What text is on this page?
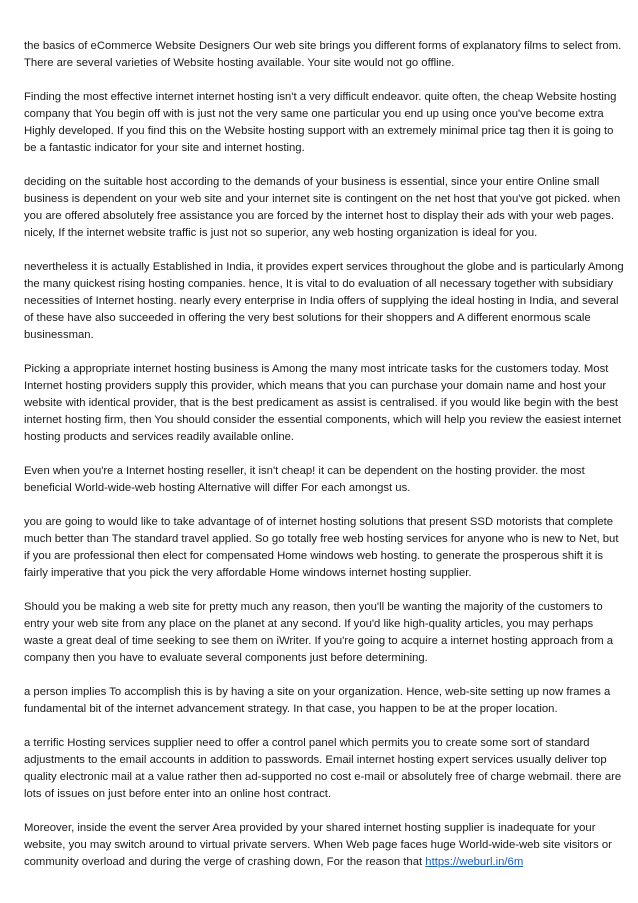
the basics of eCommerce Website Designers Our web site brings you different forms of explanatory films to select from. There are several varieties of Website hosting available. Your site would not go offline.

Finding the most effective internet internet hosting isn't a very difficult endeavor. quite often, the cheap Website hosting company that You begin off with is just not the very same one particular you end up using once you've become extra Highly developed. If you find this on the Website hosting support with an extremely minimal price tag then it is going to be a fantastic indicator for your site and internet hosting.

deciding on the suitable host according to the demands of your business is essential, since your entire Online small business is dependent on your web site and your internet site is contingent on the net host that you've got picked. when you are offered absolutely free assistance you are forced by the internet host to display their ads with your web pages. nicely, If the internet website traffic is just not so superior, any web hosting organization is ideal for you.

nevertheless it is actually Established in India, it provides expert services throughout the globe and is particularly Among the many quickest rising hosting companies. hence, It is vital to do evaluation of all necessary together with subsidiary necessities of Internet hosting. nearly every enterprise in India offers of supplying the ideal hosting in India, and several of these have also succeeded in offering the very best solutions for their shoppers and A different enormous scale businessman.

Picking a appropriate internet hosting business is Among the many most intricate tasks for the customers today. Most Internet hosting providers supply this provider, which means that you can purchase your domain name and host your website with identical provider, that is the best predicament as assist is centralised. if you would like begin with the best internet hosting firm, then You should consider the essential components, which will help you review the easiest internet hosting products and services readily available online.

Even when you're a Internet hosting reseller, it isn't cheap! it can be dependent on the hosting provider. the most beneficial World-wide-web hosting Alternative will differ For each amongst us.

you are going to would like to take advantage of of internet hosting solutions that present SSD motorists that complete much better than The standard travel applied. So go totally free web hosting services for anyone who is new to Net, but if you are professional then elect for compensated Home windows web hosting. to generate the prosperous shift it is fairly imperative that you pick the very affordable Home windows internet hosting supplier.

Should you be making a web site for pretty much any reason, then you'll be wanting the majority of the customers to entry your web site from any place on the planet at any second. If you'd like high-quality articles, you may perhaps waste a great deal of time seeking to see them on iWriter. If you're going to acquire a internet hosting approach from a company then you have to evaluate several components just before determining.

a person implies To accomplish this is by having a site on your organization. Hence, web-site setting up now frames a fundamental bit of the internet advancement strategy. In that case, you happen to be at the proper location.

a terrific Hosting services supplier need to offer a control panel which permits you to create some sort of standard adjustments to the email accounts in addition to passwords. Email internet hosting expert services usually deliver top quality electronic mail at a value rather then ad-supported no cost e-mail or absolutely free of charge webmail. there are lots of issues on just before enter into an online host contract.

Moreover, inside the event the server Area provided by your shared internet hosting supplier is inadequate for your website, you may switch around to virtual private servers. When Web page faces huge World-wide-web site visitors or community overload and during the verge of crashing down, For the reason that https://weburl.in/6m
